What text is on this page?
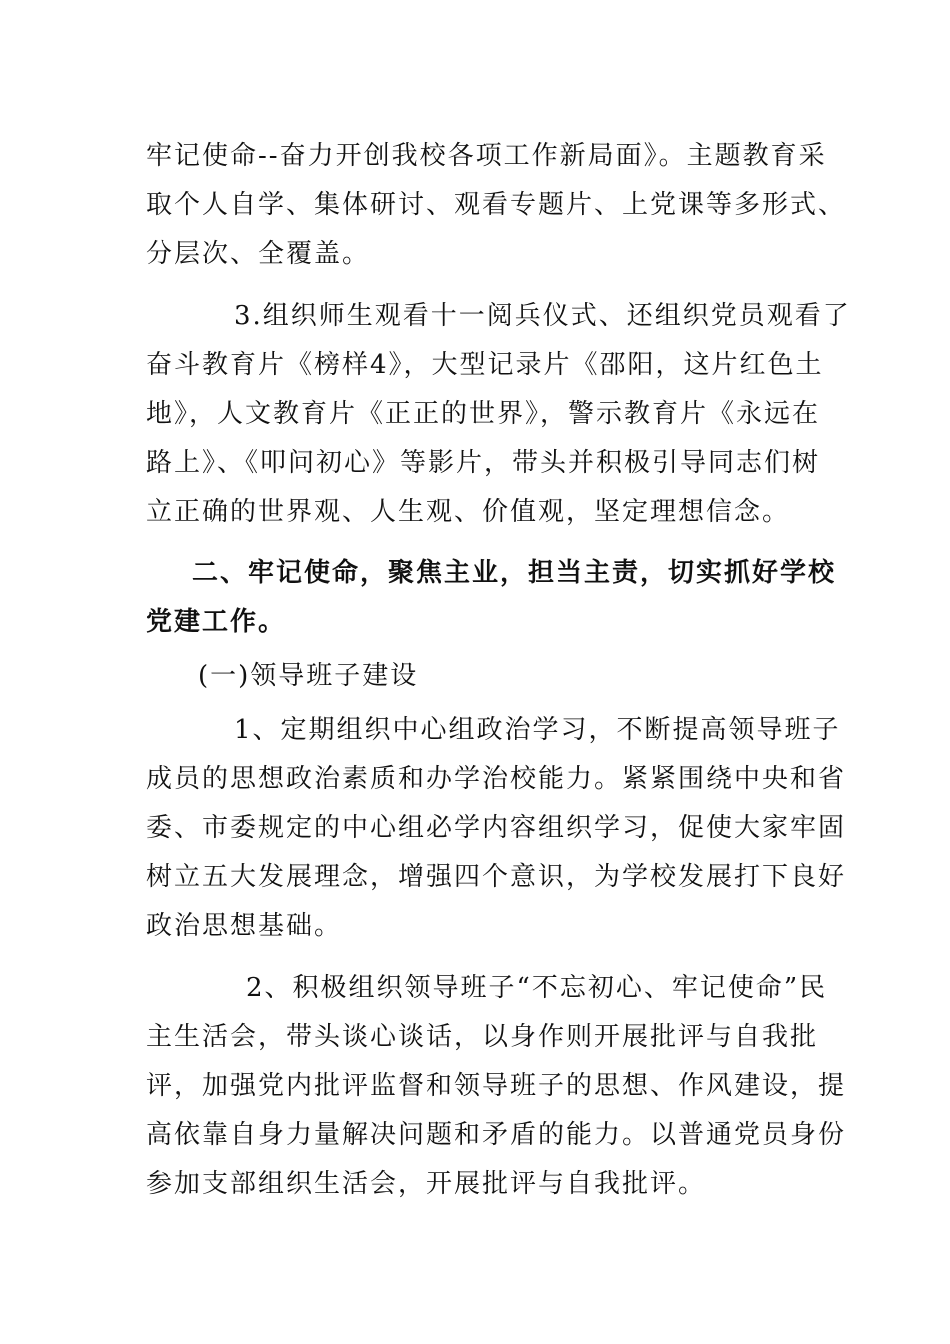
牢记使命--奋力开创我校各项工作新局面》。主题教育采
取个人自学、集体研讨、观看专题片、上党课等多形式、
分层次、全覆盖。

3.组织师生观看十一阅兵仪式、还组织党员观看了
奋斗教育片《榜样4》，大型记录片《邵阳，这片红色土
地》，人文教育片《正正的世界》，警示教育片《永远在
路上》、《叩问初心》等影片，带头并积极引导同志们树
立正确的世界观、人生观、价值观，坚定理想信念。

二、牢记使命，聚焦主业，担当主责，切实抓好学校
党建工作。

(一)领导班子建设

1、定期组织中心组政治学习，不断提高领导班子
成员的思想政治素质和办学治校能力。紧紧围绕中央和省
委、市委规定的中心组必学内容组织学习，促使大家牢固
树立五大发展理念，增强四个意识，为学校发展打下良好
政治思想基础。

2、积极组织领导班子“不忘初心、牢记使命”民
主生活会，带头谈心谈话，以身作则开展批评与自我批
评，加强党内批评监督和领导班子的思想、作风建设，提
高依靠自身力量解决问题和矛盾的能力。以普通党员身份
参加支部组织生活会，开展批评与自我批评。
